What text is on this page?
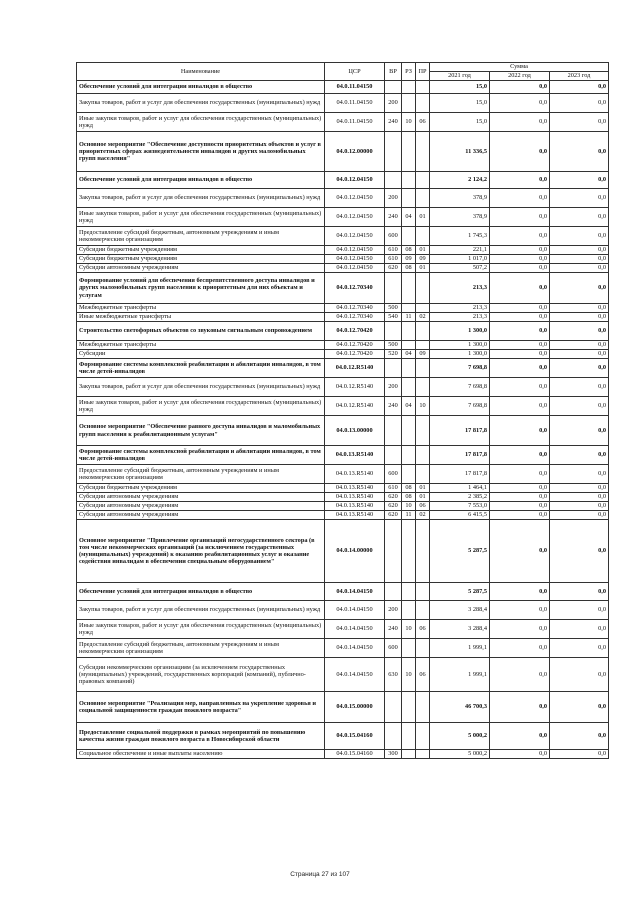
Наименование	ЦСР	ВР	РЗ	ПР	Сумма		
					2021 год	2022 год	2023 год
Обеспечение условий для интеграции инвалидов в общество	04.0.11.04150				15,0	0,0	0,0
Закупка товаров, работ и услуг для обеспечения государственных (муниципальных) нужд	04.0.11.04150	200			15,0	0,0	0,0
Иные закупки товаров, работ и услуг для обеспечения государственных (муниципальных) нужд	04.0.11.04150	240	10	06	15,0	0,0	0,0
Основное мероприятие "Обеспечение доступности приоритетных объектов и услуг в приоритетных сферах жизнедеятельности инвалидов и других маломобильных групп населения"	04.0.12.00000				11 336,5	0,0	0,0
Обеспечение условий для интеграции инвалидов в общество	04.0.12.04150				2 124,2	0,0	0,0
Закупка товаров, работ и услуг для обеспечения государственных (муниципальных) нужд	04.0.12.04150	200			378,9	0,0	0,0
Иные закупки товаров, работ и услуг для обеспечения государственных (муниципальных) нужд	04.0.12.04150	240	04	01	378,9	0,0	0,0
Предоставление субсидий бюджетным, автономным учреждениям и иным некоммерческим организациям	04.0.12.04150	600			1 745,3	0,0	0,0
Субсидии бюджетным учреждениям	04.0.12.04150	610	08	01	221,1	0,0	0,0
Субсидии бюджетным учреждениям	04.0.12.04150	610	09	09	1 017,0	0,0	0,0
Субсидии автономным учреждениям	04.0.12.04150	620	08	01	507,2	0,0	0,0
Формирование условий для обеспечения беспрепятственного доступа инвалидов и других маломобильных групп населения к приоритетным для них объектам и услугам	04.0.12.70340				213,3	0,0	0,0
Межбюджетные трансферты	04.0.12.70340	500			213,3	0,0	0,0
Иные межбюджетные трансферты	04.0.12.70340	540	11	02	213,3	0,0	0,0
Строительство светофорных объектов со звуковым сигнальным сопровождением	04.0.12.70420				1 300,0	0,0	0,0
Межбюджетные трансферты	04.0.12.70420	500			1 300,0	0,0	0,0
Субсидии	04.0.12.70420	520	04	09	1 300,0	0,0	0,0
Формирование системы комплексной реабилитации и абилитации инвалидов, в том числе детей-инвалидов	04.0.12.R5140				7 698,8	0,0	0,0
Закупка товаров, работ и услуг для обеспечения государственных (муниципальных) нужд	04.0.12.R5140	200			7 698,8	0,0	0,0
Иные закупки товаров, работ и услуг для обеспечения государственных (муниципальных) нужд	04.0.12.R5140	240	04	10	7 698,8	0,0	0,0
Основное мероприятие "Обеспечение равного доступа инвалидов и маломобильных групп населения к реабилитационным услугам"	04.0.13.00000				17 817,8	0,0	0,0
Формирование системы комплексной реабилитации и абилитации инвалидов, в том числе детей-инвалидов	04.0.13.R5140				17 817,8	0,0	0,0
Предоставление субсидий бюджетным, автономным учреждениям и иным некоммерческим организациям	04.0.13.R5140	600			17 817,8	0,0	0,0
Субсидии бюджетным учреждениям	04.0.13.R5140	610	08	01	1 464,1	0,0	0,0
Субсидии автономным учреждениям	04.0.13.R5140	620	08	01	2 385,2	0,0	0,0
Субсидии автономным учреждениям	04.0.13.R5140	620	10	06	7 553,0	0,0	0,0
Субсидии автономным учреждениям	04.0.13.R5140	620	11	02	6 415,5	0,0	0,0
Основное мероприятие "Привлечение организаций негосударственного сектора (в том числе некоммерческих организаций (за исключением государственных (муниципальных) учреждений) к оказанию реабилитационных услуг и оказание содействия инвалидам в обеспечении специальным оборудованием"	04.0.14.00000				5 287,5	0,0	0,0
Обеспечение условий для интеграции инвалидов в общество	04.0.14.04150				5 287,5	0,0	0,0
Закупка товаров, работ и услуг для обеспечения государственных (муниципальных) нужд	04.0.14.04150	200			3 288,4	0,0	0,0
Иные закупки товаров, работ и услуг для обеспечения государственных (муниципальных) нужд	04.0.14.04150	240	10	06	3 288,4	0,0	0,0
Предоставление субсидий бюджетным, автономным учреждениям и иным некоммерческим организациям	04.0.14.04150	600			1 999,1	0,0	0,0
Субсидии некоммерческим организациям (за исключением государственных (муниципальных) учреждений, государственных корпораций (компаний), публично-правовых компаний)	04.0.14.04150	630	10	06	1 999,1	0,0	0,0
Основное мероприятие "Реализация мер, направленных на укрепление здоровья и социальной защищенности граждан пожилого возраста"	04.0.15.00000				46 700,3	0,0	0,0
Предоставление социальной поддержки в рамках мероприятий по повышению качества жизни граждан пожилого возраста в Новосибирской области	04.0.15.04160				5 000,2	0,0	0,0
Социальное обеспечение и иные выплаты населению	04.0.15.04160	300			5 000,2	0,0	0,0
Страница 27 из 107
